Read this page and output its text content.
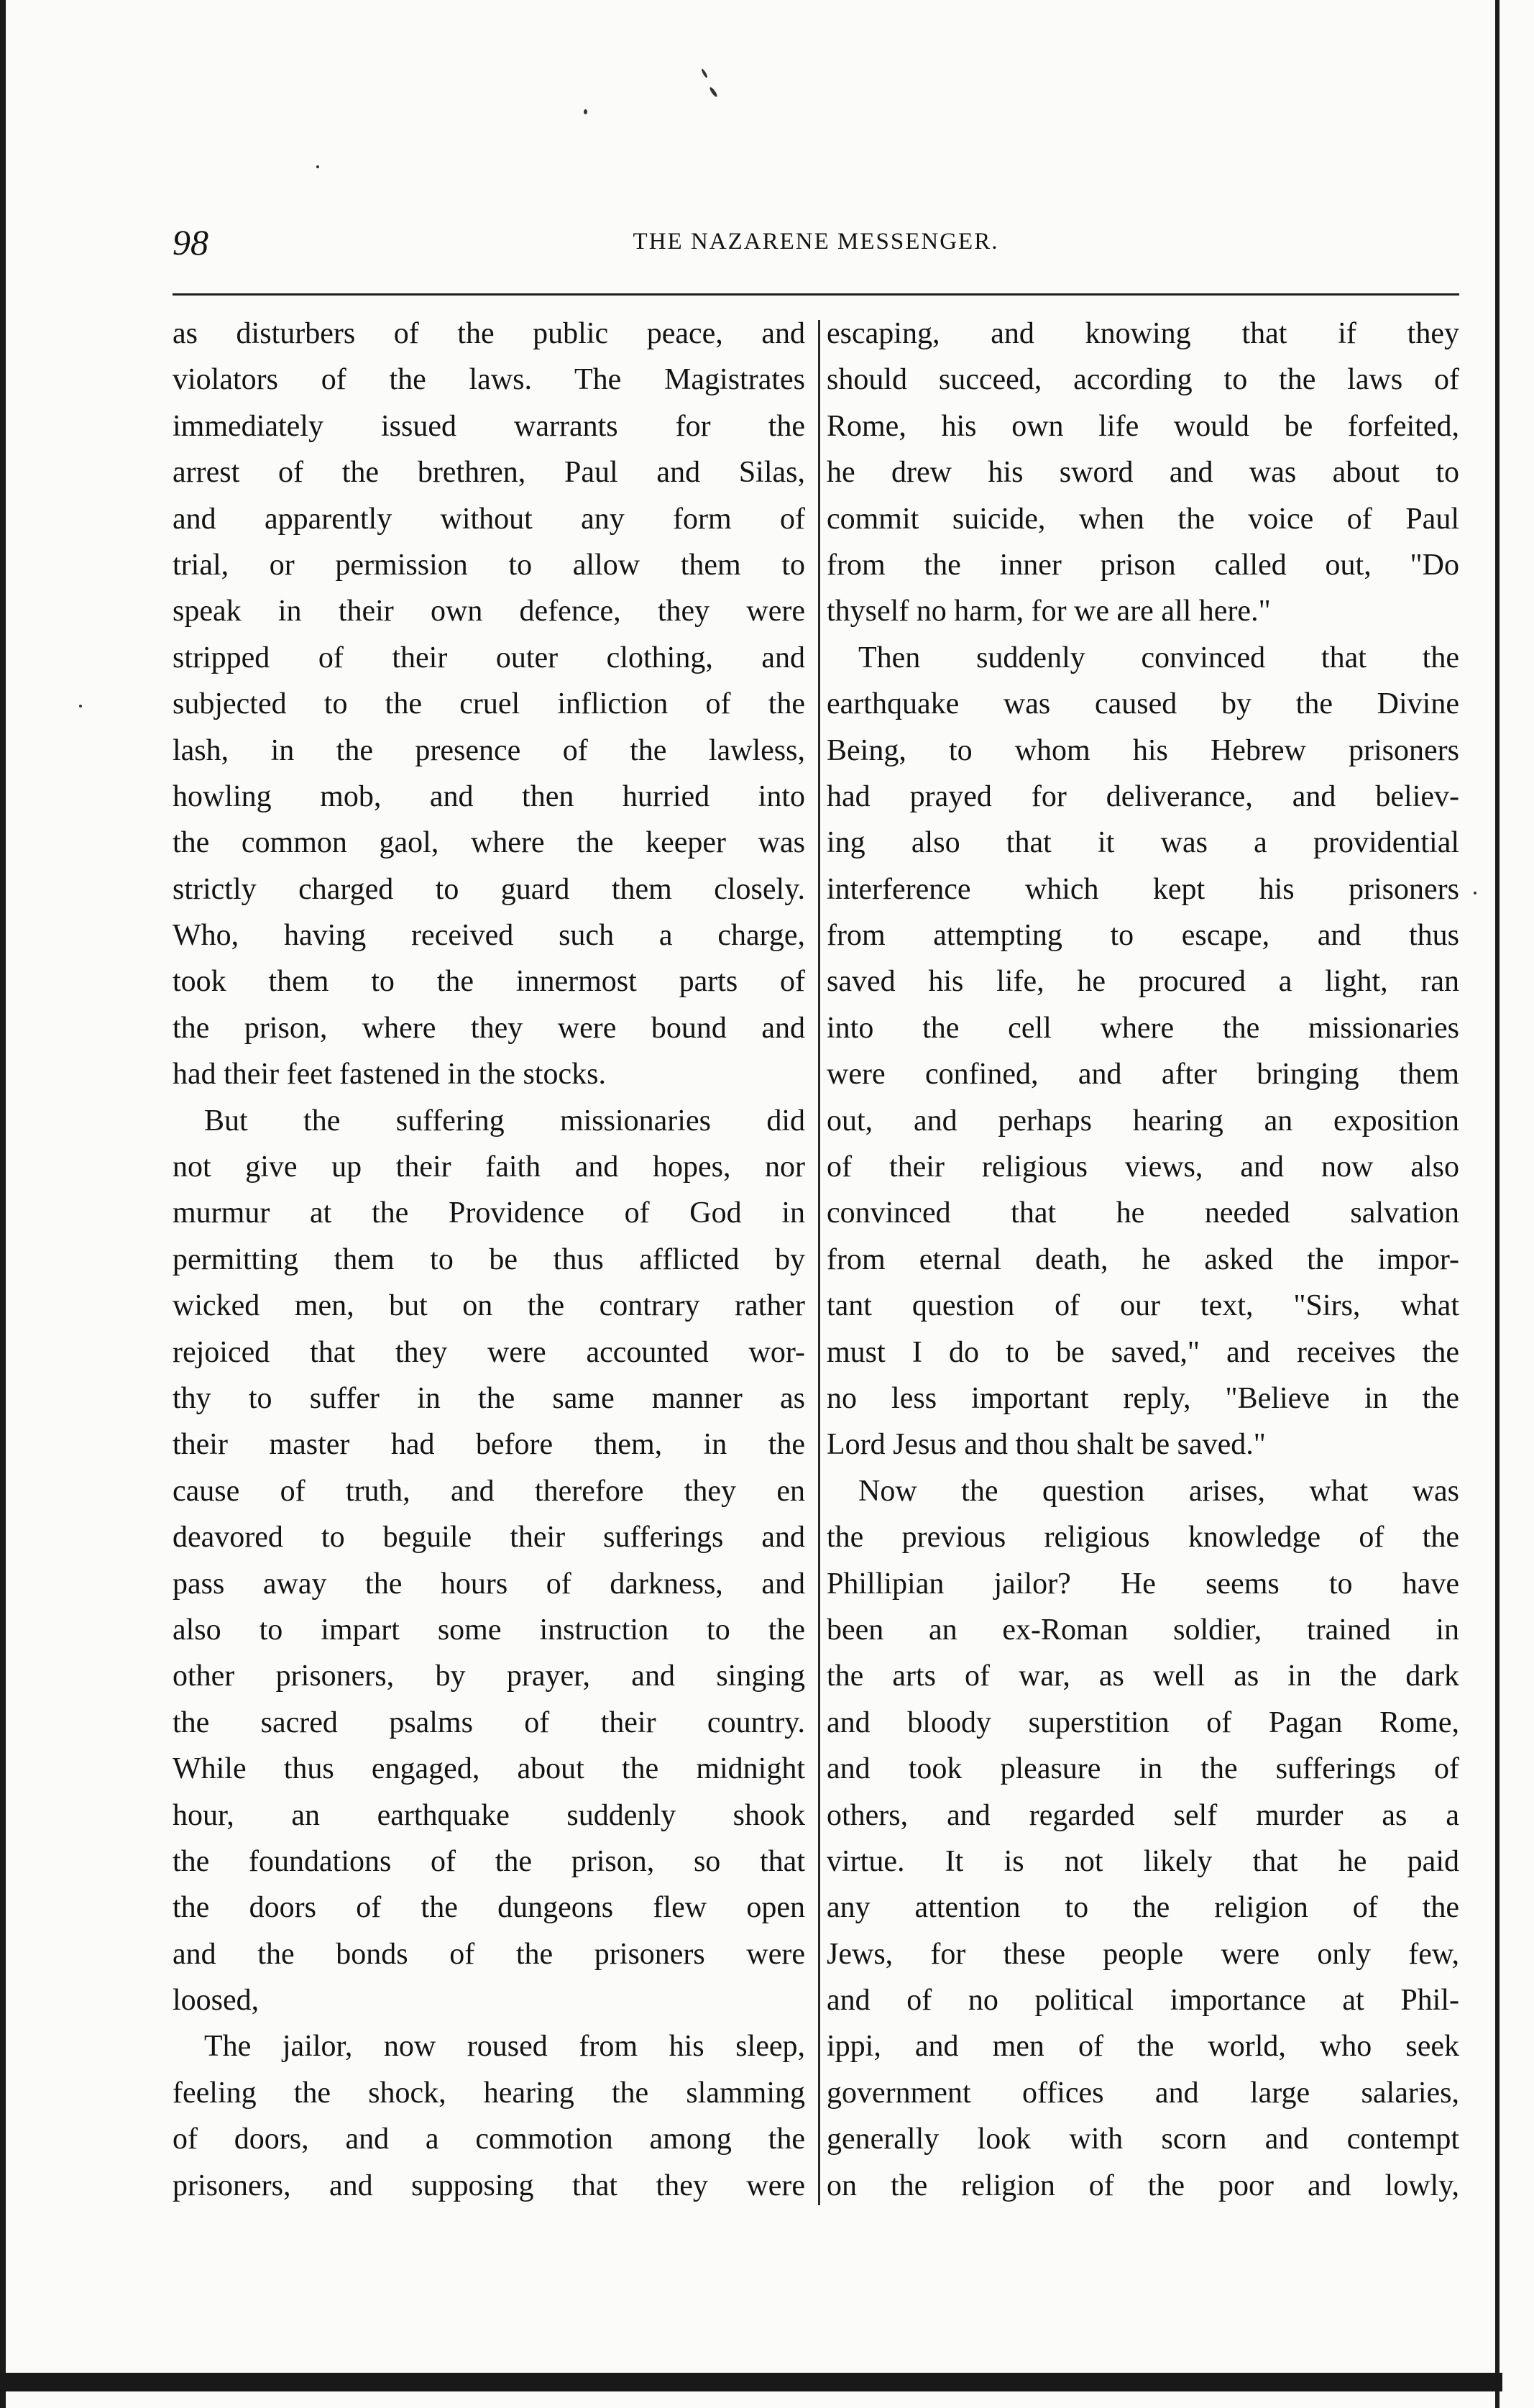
98	THE NAZARENE MESSENGER.
as disturbers of the public peace, and
violators of the laws. The Magistrates
immediately issued warrants for the
arrest of the brethren, Paul and Silas,
and apparently without any form of
trial, or permission to allow them to
speak in their own defence, they were
stripped of their outer clothing, and
subjected to the cruel infliction of the
lash, in the presence of the lawless,
howling mob, and then hurried into
the common gaol, where the keeper was
strictly charged to guard them closely.
Who, having received such a charge,
took them to the innermost parts of
the prison, where they were bound and
had their feet fastened in the stocks.
But the suffering missionaries did
not give up their faith and hopes, nor
murmur at the Providence of God in
permitting them to be thus afflicted by
wicked men, but on the contrary rather
rejoiced that they were accounted wor-
thy to suffer in the same manner as
their master had before them, in the
cause of truth, and therefore they en
deavored to beguile their sufferings and
pass away the hours of darkness, and
also to impart some instruction to the
other prisoners, by prayer, and singing
the sacred psalms of their country.
While thus engaged, about the midnight
hour, an earthquake suddenly shook
the foundations of the prison, so that
the doors of the dungeons flew open
and the bonds of the prisoners were
loosed,
The jailor, now roused from his sleep,
feeling the shock, hearing the slamming
of doors, and a commotion among the
prisoners, and supposing that they were
escaping, and knowing that if they
should succeed, according to the laws of
Rome, his own life would be forfeited,
he drew his sword and was about to
commit suicide, when the voice of Paul
from the inner prison called out, "Do
thyself no harm, for we are all here."
Then suddenly convinced that the
earthquake was caused by the Divine
Being, to whom his Hebrew prisoners
had prayed for deliverance, and believ-
ing also that it was a providential
interference which kept his prisoners
from attempting to escape, and thus
saved his life, he procured a light, ran
into the cell where the missionaries
were confined, and after bringing them
out, and perhaps hearing an exposition
of their religious views, and now also
convinced that he needed salvation
from eternal death, he asked the impor-
tant question of our text, "Sirs, what
must I do to be saved," and receives the
no less important reply, "Believe in the
Lord Jesus and thou shalt be saved."
Now the question arises, what was
the previous religious knowledge of the
Phillipian jailor? He seems to have
been an ex-Roman soldier, trained in
the arts of war, as well as in the dark
and bloody superstition of Pagan Rome,
and took pleasure in the sufferings of
others, and regarded self murder as a
virtue. It is not likely that he paid
any attention to the religion of the
Jews, for these people were only few,
and of no political importance at Phil-
ippi, and men of the world, who seek
government offices and large salaries,
generally look with scorn and contempt
on the religion of the poor and lowly,
